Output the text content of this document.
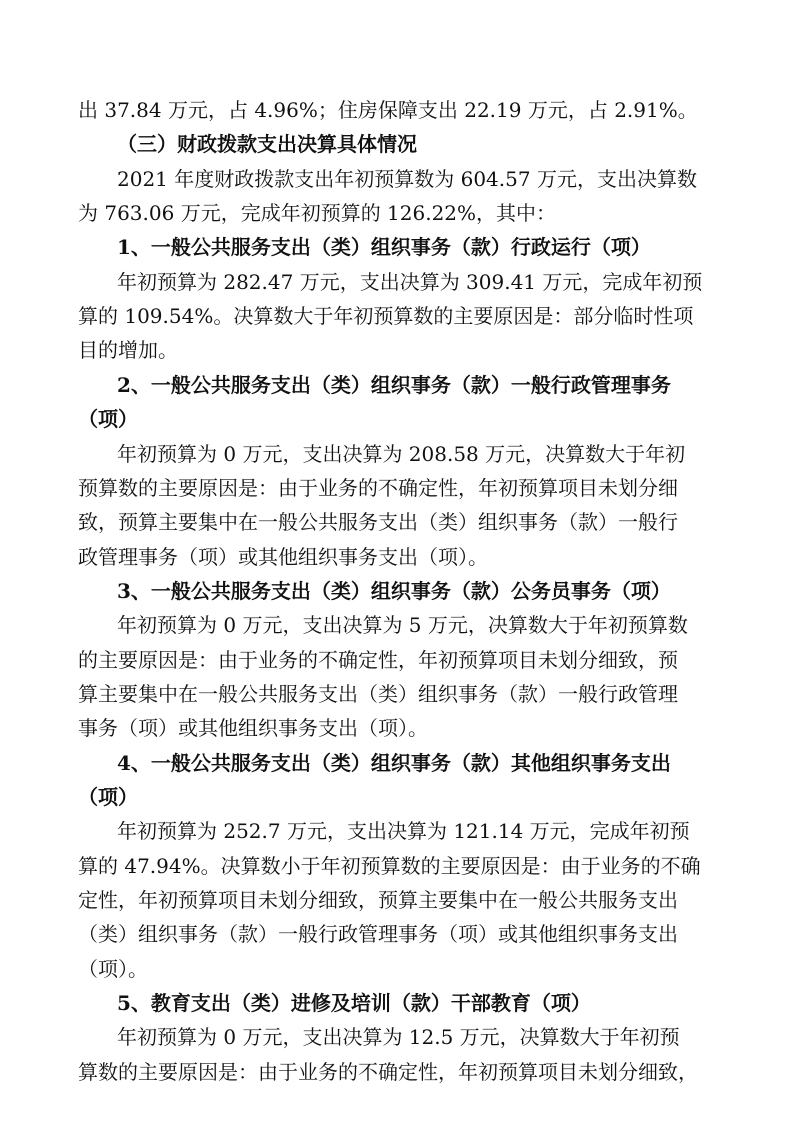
出 37.84 万元，占 4.96%；住房保障支出 22.19 万元，占 2.91%。
（三）财政拨款支出决算具体情况
2021 年度财政拨款支出年初预算数为 604.57 万元，支出决算数
为 763.06 万元，完成年初预算的 126.22%，其中：
1、一般公共服务支出（类）组织事务（款）行政运行（项）
年初预算为 282.47 万元，支出决算为 309.41 万元，完成年初预
算的 109.54%。决算数大于年初预算数的主要原因是：部分临时性项
目的增加。
2、一般公共服务支出（类）组织事务（款）一般行政管理事务
（项）
年初预算为 0 万元，支出决算为 208.58 万元，决算数大于年初
预算数的主要原因是：由于业务的不确定性，年初预算项目未划分细
致，预算主要集中在一般公共服务支出（类）组织事务（款）一般行
政管理事务（项）或其他组织事务支出（项）。
3、一般公共服务支出（类）组织事务（款）公务员事务（项）
年初预算为 0 万元，支出决算为 5 万元，决算数大于年初预算数
的主要原因是：由于业务的不确定性，年初预算项目未划分细致，预
算主要集中在一般公共服务支出（类）组织事务（款）一般行政管理
事务（项）或其他组织事务支出（项）。
4、一般公共服务支出（类）组织事务（款）其他组织事务支出
（项）
年初预算为 252.7 万元，支出决算为 121.14 万元，完成年初预
算的 47.94%。决算数小于年初预算数的主要原因是：由于业务的不确
定性，年初预算项目未划分细致，预算主要集中在一般公共服务支出
（类）组织事务（款）一般行政管理事务（项）或其他组织事务支出
（项）。
5、教育支出（类）进修及培训（款）干部教育（项）
年初预算为 0 万元，支出决算为 12.5 万元，决算数大于年初预
算数的主要原因是：由于业务的不确定性，年初预算项目未划分细致，
